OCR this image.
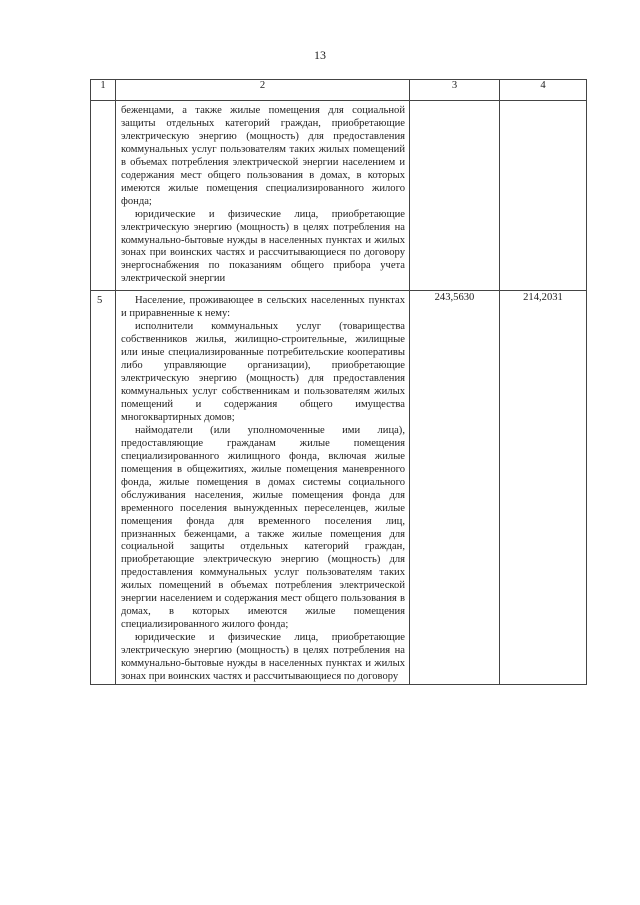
13
1	2	3	4

	беженцами, а также жилые помещения для социальной защиты отдельных категорий граждан, приобретающие электрическую энергию (мощность) для предоставления коммунальных услуг пользователям таких жилых помещений в объемах потребления электрической энергии населением и содержания мест общего пользования в домах, в которых имеются жилые помещения специализированного жилого фонда;

юридические и физические лица, приобретающие электрическую энергию (мощность) в целях потребления на коммунально-бытовые нужды в населенных пунктах и жилых зонах при воинских частях и рассчитывающиеся по договору энергоснабжения по показаниям общего прибора учета электрической энергии		

5	Население, проживающее в сельских населенных пунктах и приравненные к нему:

исполнители коммунальных услуг (товарищества собственников жилья, жилищно-строительные, жилищные или иные специализированные потребительские кооперативы либо управляющие организации), приобретающие электрическую энергию (мощность) для предоставления коммунальных услуг собственникам и пользователям жилых помещений и содержания общего имущества многоквартирных домов;

наймодатели (или уполномоченные ими лица), предоставляющие гражданам жилые помещения специализированного жилищного фонда, включая жилые помещения в общежитиях, жилые помещения маневренного фонда, жилые помещения в домах системы социального обслуживания населения, жилые помещения фонда для временного поселения вынужденных переселенцев, жилые помещения фонда для временного поселения лиц, признанных беженцами, а также жилые помещения для социальной защиты отдельных категорий граждан, приобретающие электрическую энергию (мощность) для предоставления коммунальных услуг пользователям таких жилых помещений в объемах потребления электрической энергии населением и содержания мест общего пользования в домах, в которых имеются жилые помещения специализированного жилого фонда;

юридические и физические лица, приобретающие электрическую энергию (мощность) в целях потребления на коммунально-бытовые нужды в населенных пунктах и жилых зонах при воинских частях и рассчитывающиеся по договору	243,5630	214,2031
